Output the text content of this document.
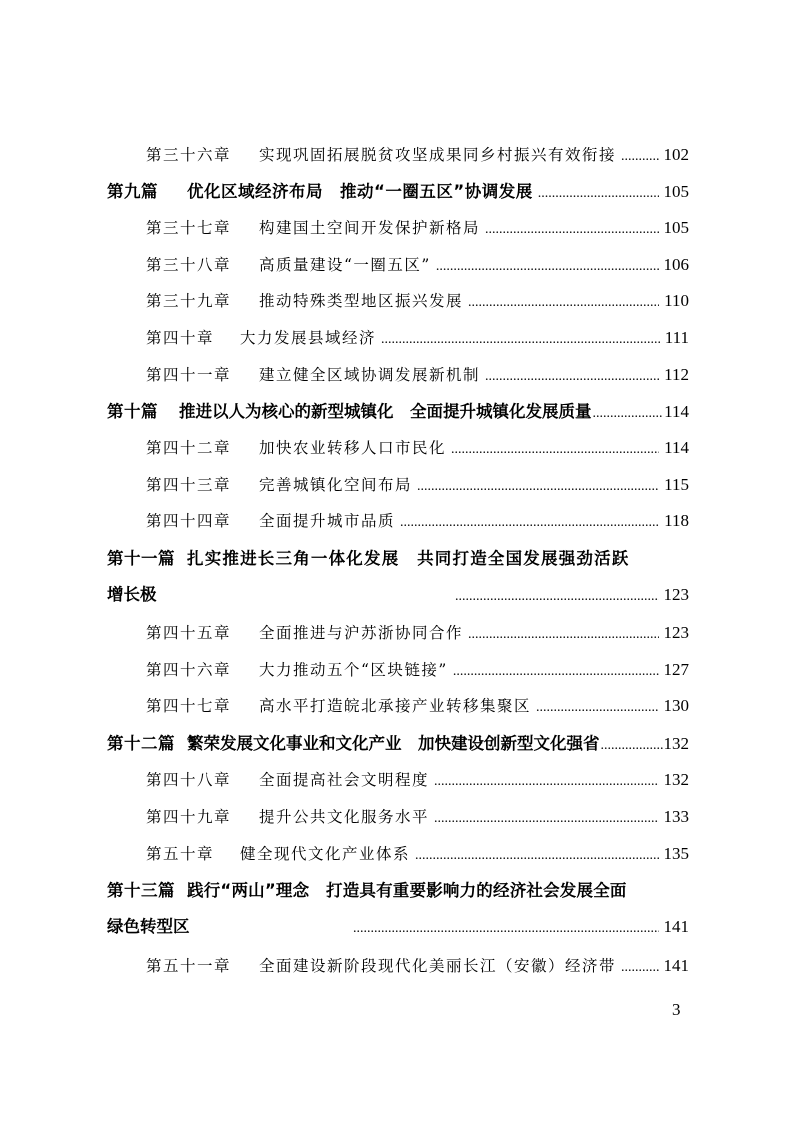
第三十六章	实现巩固拓展脱贫攻坚成果同乡村振兴有效衔接 .....	102
第九篇	优化区域经济布局　推动“一圈五区”协调发展 .....	105
第三十七章	构建国土空间开发保护新格局 .....	105
第三十八章	高质量建设“一圈五区” .....	106
第三十九章	推动特殊类型地区振兴发展 .....	110
第四十章	大力发展县域经济 .....	111
第四十一章	建立健全区域协调发展新机制 .....	112
第十篇	推进以人为核心的新型城镇化　全面提升城镇化发展质量 .....	114
第四十二章	加快农业转移人口市民化 .....	114
第四十三章	完善城镇化空间布局 .....	115
第四十四章	全面提升城市品质 .....	118
第十一篇 扎实推进长三角一体化发展　共同打造全国发展强劲活跃
增长极 .....	123
第四十五章	全面推进与沪苏浙协同合作 .....	123
第四十六章	大力推动五个“区块链接” .....	127
第四十七章	高水平打造皖北承接产业转移集聚区 .....	130
第十二篇 繁荣发展文化事业和文化产业　加快建设创新型文化强省 .....	132
第四十八章	全面提高社会文明程度 .....	132
第四十九章	提升公共文化服务水平 .....	133
第五十章	健全现代文化产业体系 .....	135
第十三篇 践行“两山”理念　打造具有重要影响力的经济社会发展全面
绿色转型区 .....	141
第五十一章	全面建设新阶段现代化美丽长江（安徽）经济带 .....	141
3
